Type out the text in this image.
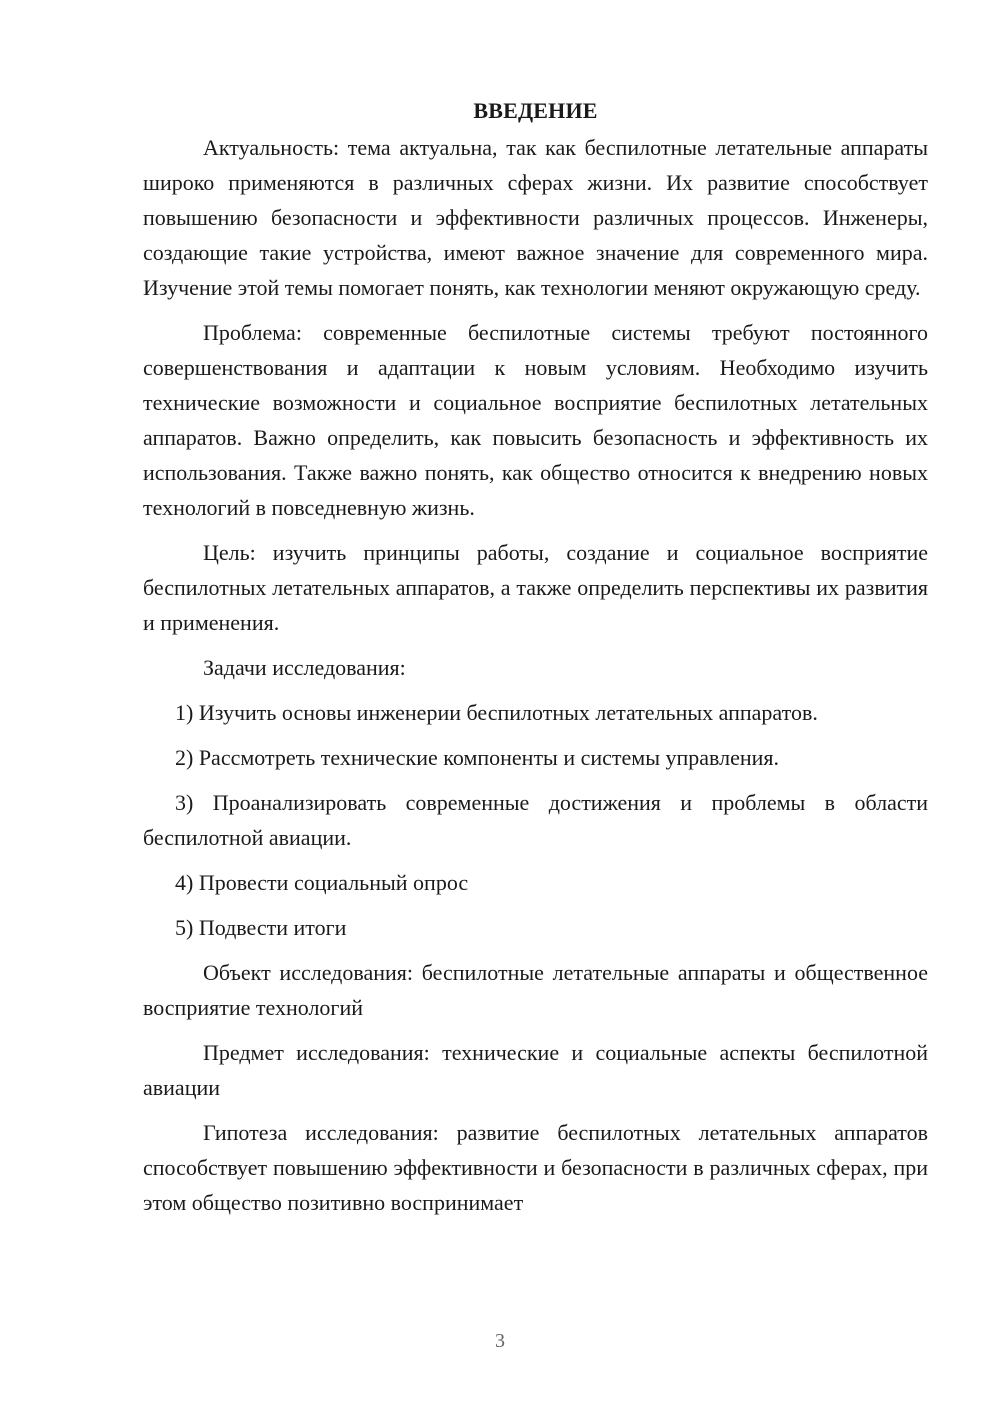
ВВЕДЕНИЕ

Актуальность: тема актуальна, так как беспилотные летательные аппараты широко применяются в различных сферах жизни. Их развитие способствует повышению безопасности и эффективности различных процессов. Инженеры, создающие такие устройства, имеют важное значение для современного мира. Изучение этой темы помогает понять, как технологии меняют окружающую среду.

Проблема: современные беспилотные системы требуют постоянного совершенствования и адаптации к новым условиям. Необходимо изучить технические возможности и социальное восприятие беспилотных летательных аппаратов. Важно определить, как повысить безопасность и эффективность их использования. Также важно понять, как общество относится к внедрению новых технологий в повседневную жизнь.

Цель: изучить принципы работы, создание и социальное восприятие беспилотных летательных аппаратов, а также определить перспективы их развития и применения.

Задачи исследования:

1) Изучить основы инженерии беспилотных летательных аппаратов.

2) Рассмотреть технические компоненты и системы управления.

3) Проанализировать современные достижения и проблемы в области беспилотной авиации.

4) Провести социальный опрос

5) Подвести итоги

Объект исследования: беспилотные летательные аппараты и общественное восприятие технологий

Предмет исследования: технические и социальные аспекты беспилотной авиации

Гипотеза исследования: развитие беспилотных летательных аппаратов способствует повышению эффективности и безопасности в различных сферах, при этом общество позитивно воспринимает

3
